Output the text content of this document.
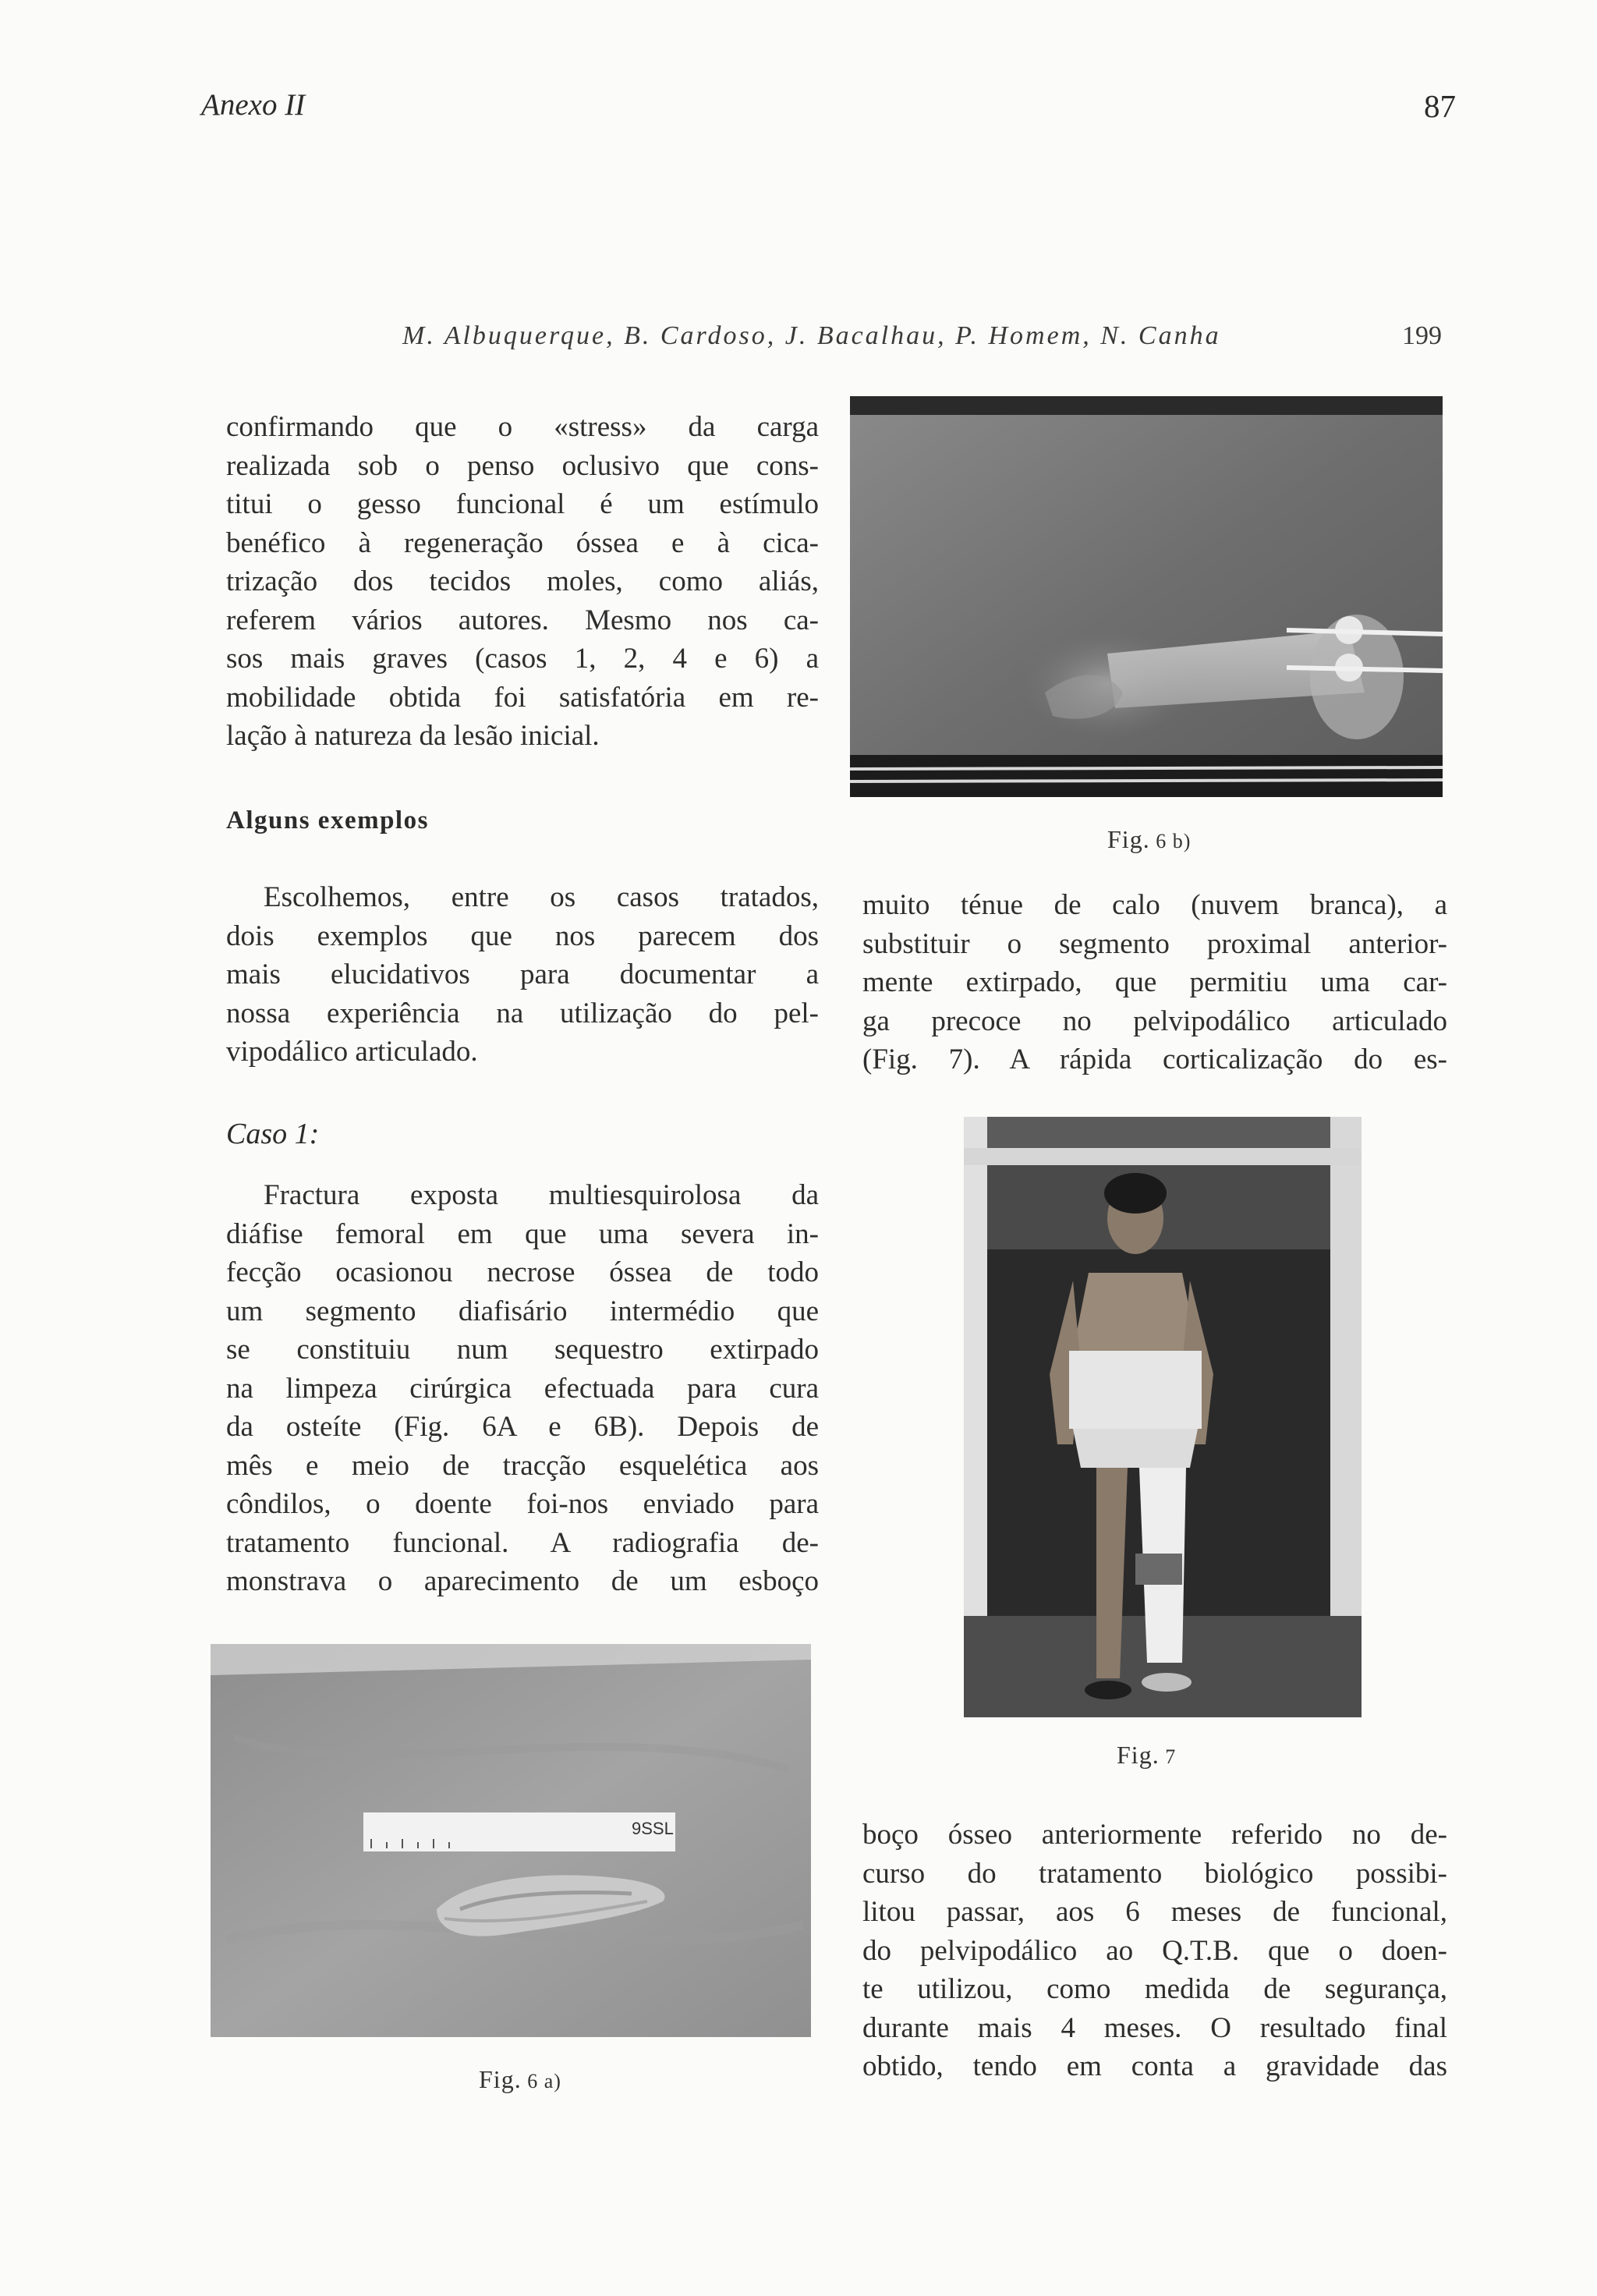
Anexo II	87
M. Albuquerque, B. Cardoso, J. Bacalhau, P. Homem, N. Canha	199
confirmando que o «stress» da carga
realizada sob o penso oclusivo que cons-
titui o gesso funcional é um estímulo
benéfico à regeneração óssea e à cica-
trização dos tecidos moles, como aliás,
referem vários autores. Mesmo nos ca-
sos mais graves (casos 1, 2, 4 e 6) a
mobilidade obtida foi satisfatória em re-
lação à natureza da lesão inicial.
Alguns exemplos
Escolhemos, entre os casos tratados,
dois exemplos que nos parecem dos
mais elucidativos para documentar a
nossa experiência na utilização do pel-
vipodálico articulado.
Caso 1:
Fractura exposta multiesquirolosa da
diáfise femoral em que uma severa in-
fecção ocasionou necrose óssea de todo
um segmento diafisário intermédio que
se constituiu num sequestro extirpado
na limpeza cirúrgica efectuada para cura
da osteíte (Fig. 6A e 6B). Depois de
mês e meio de tracção esquelética aos
côndilos, o doente foi-nos enviado para
tratamento funcional. A radiografia de-
monstrava o aparecimento de um esboço
Fig. 6 b)
muito ténue de calo (nuvem branca), a
substituir o segmento proximal anterior-
mente extirpado, que permitiu uma car-
ga precoce no pelvipodálico articulado
(Fig. 7). A rápida corticalização do es-
Fig. 7
boço ósseo anteriormente referido no de-
curso do tratamento biológico possibi-
litou passar, aos 6 meses de funcional,
do pelvipodálico ao Q.T.B. que o doen-
te utilizou, como medida de segurança,
durante mais 4 meses. O resultado final
obtido, tendo em conta a gravidade das
9SSL
Fig. 6 a)
